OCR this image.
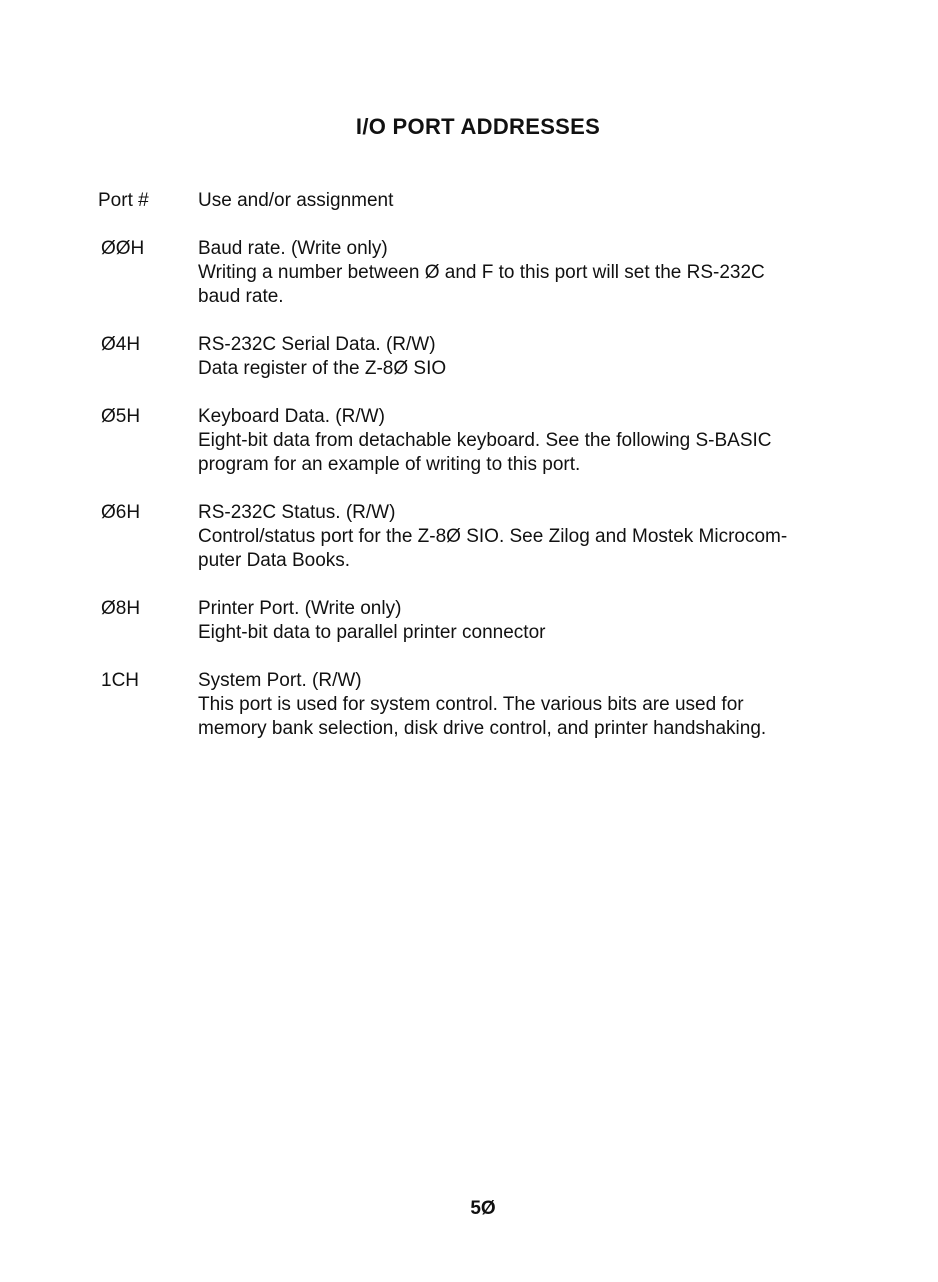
I/O PORT ADDRESSES
Port #	Use and/or assignment
ØØH	Baud rate. (Write only)
Writing a number between Ø and F to this port will set the RS-232C
baud rate.
Ø4H	RS-232C Serial Data. (R/W)
Data register of the Z-8Ø SIO
Ø5H	Keyboard Data. (R/W)
Eight-bit data from detachable keyboard. See the following S-BASIC
program for an example of writing to this port.
Ø6H	RS-232C Status. (R/W)
Control/status port for the Z-8Ø SIO. See Zilog and Mostek Microcom-
puter Data Books.
Ø8H	Printer Port. (Write only)
Eight-bit data to parallel printer connector
1CH	System Port. (R/W)
This port is used for system control. The various bits are used for
memory bank selection, disk drive control, and printer handshaking.
5Ø
